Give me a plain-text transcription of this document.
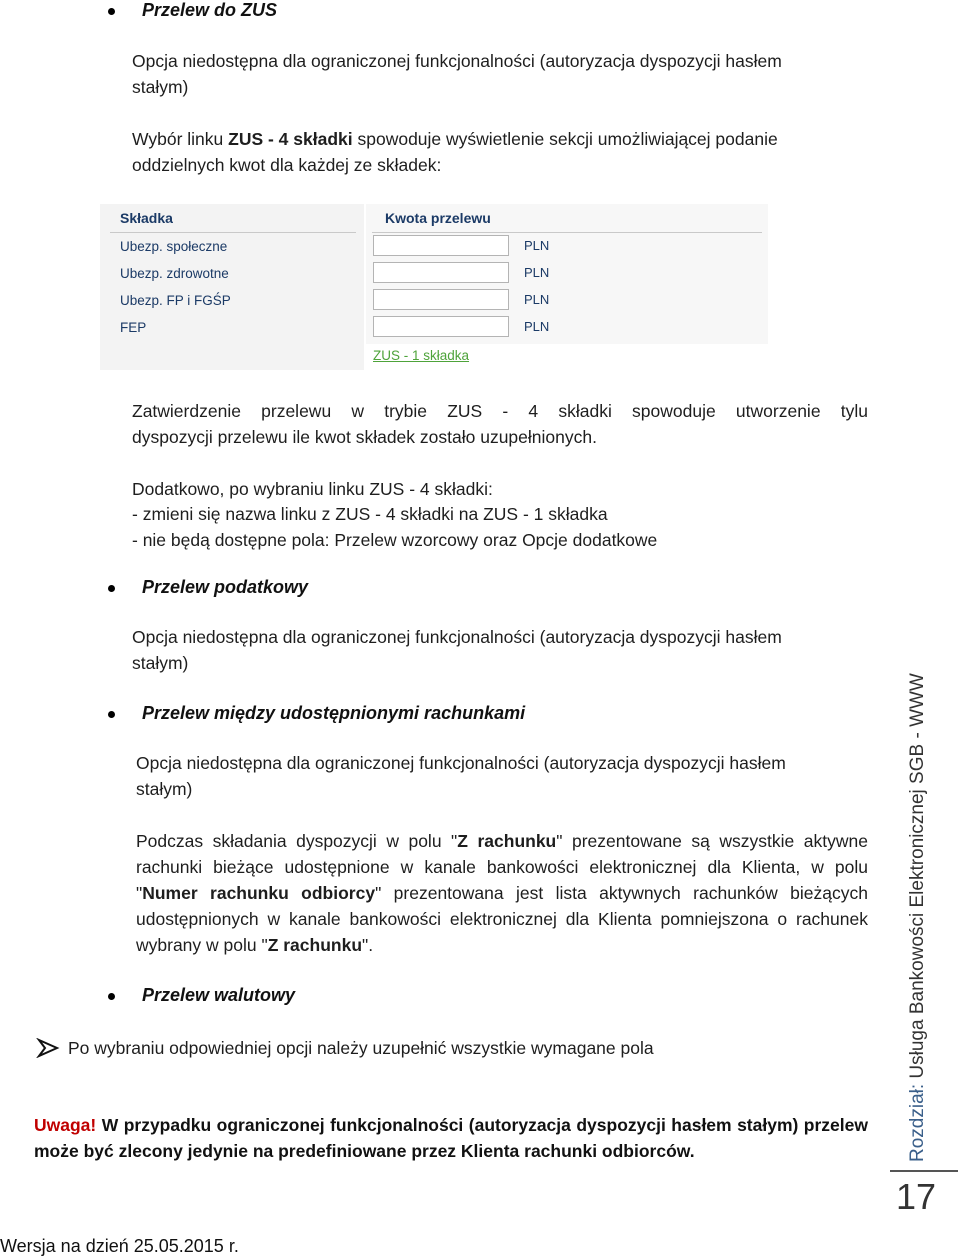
Przelew do ZUS
Opcja niedostępna dla ograniczonej funkcjonalności (autoryzacja dyspozycji hasłem
stałym)
Wybór linku ZUS - 4 składki spowoduje wyświetlenie sekcji umożliwiającej podanie
oddzielnych kwot dla każdej ze składek:
Składka	Kwota przelewu
Ubezp. społeczne	PLN
Ubezp. zdrowotne	PLN
Ubezp. FP i FGŚP	PLN
FEP	PLN
ZUS - 1 składka
Zatwierdzenie przelewu w trybie ZUS - 4 składki spowoduje utworzenie tylu
dyspozycji przelewu ile kwot składek zostało uzupełnionych.
Dodatkowo, po wybraniu linku ZUS - 4 składki:
- zmieni się nazwa linku z ZUS - 4 składki na ZUS - 1 składka
- nie będą dostępne pola: Przelew wzorcowy oraz Opcje dodatkowe
Przelew podatkowy
Opcja niedostępna dla ograniczonej funkcjonalności (autoryzacja dyspozycji hasłem
stałym)
Przelew między udostępnionymi rachunkami
Opcja niedostępna dla ograniczonej funkcjonalności (autoryzacja dyspozycji hasłem
stałym)
Podczas składania dyspozycji w polu "Z rachunku" prezentowane są wszystkie aktywne rachunki bieżące udostępnione w kanale bankowości elektronicznej dla Klienta, w polu "Numer rachunku odbiorcy" prezentowana jest lista aktywnych rachunków bieżących udostępnionych w kanale bankowości elektronicznej dla Klienta pomniejszona o rachunek wybrany w polu "Z rachunku".
Przelew walutowy
Po wybraniu odpowiedniej opcji należy uzupełnić wszystkie wymagane pola
Uwaga! W przypadku ograniczonej funkcjonalności (autoryzacja dyspozycji hasłem stałym) przelew może być zlecony jedynie na predefiniowane przez Klienta rachunki odbiorców.	Rozdział: Usługa Bankowości Elektronicznej SGB - WWW
17
Wersja na dzień 25.05.2015 r.
